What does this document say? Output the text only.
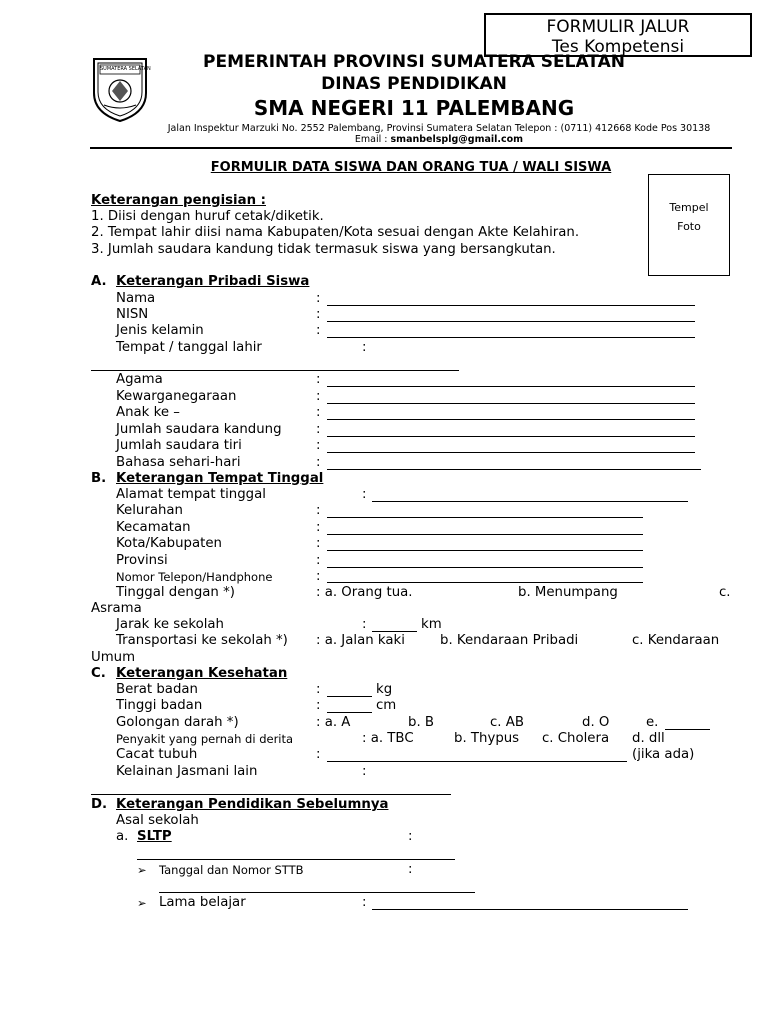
FORMULIR JALUR
Tes Kompetensi
SUMATERA SELATAN	PEMERINTAH PROVINSI SUMATERA SELATAN
DINAS PENDIDIKAN
SMA NEGERI 11 PALEMBANG
Jalan Inspektur Marzuki No. 2552 Palembang, Provinsi Sumatera Selatan Telepon : (0711) 412668 Kode Pos 30138
Email : smanbelsplg@gmail.com
FORMULIR DATA SISWA DAN ORANG TUA / WALI SISWA
Tempel
Foto
Keterangan pengisian :
1. Diisi dengan huruf cetak/diketik.
2. Tempat lahir diisi nama Kabupaten/Kota sesuai dengan Akte Kelahiran.
3. Jumlah saudara kandung tidak termasuk siswa yang bersangkutan.
A. Keterangan Pribadi Siswa
Nama	:
NISN	:
Jenis kelamin	:
Tempat / tanggal lahir	:
Agama	:
Kewarganegaraan	:
Anak ke –	:
Jumlah saudara kandung	:
Jumlah saudara tiri	:
Bahasa sehari-hari	:
B. Keterangan Tempat Tinggal
Alamat tempat tinggal	:
Kelurahan	:
Kecamatan	:
Kota/Kabupaten	:
Provinsi	:
Nomor Telepon/Handphone	:
Tinggal dengan *)	: a. Orang tua.	b. Menumpang	c.
Asrama
Jarak ke sekolah	:	km
Transportasi ke sekolah *) : a. Jalan kaki	b. Kendaraan Pribadi	c. Kendaraan
Umum
C. Keterangan Kesehatan
Berat badan	:	kg
Tinggi badan	:	cm
Golongan darah *)	: a. A	b. B	c. AB	d. O	e.
Penyakit yang pernah di derita	: a. TBC	b. Thypus c. Cholera d. dll
Cacat tubuh	:	(jika ada)
Kelainan Jasmani lain	:
D. Keterangan Pendidikan Sebelumnya
Asal sekolah
a. SLTP	:
➢ Tanggal dan Nomor STTB	:
➢ Lama belajar	:
